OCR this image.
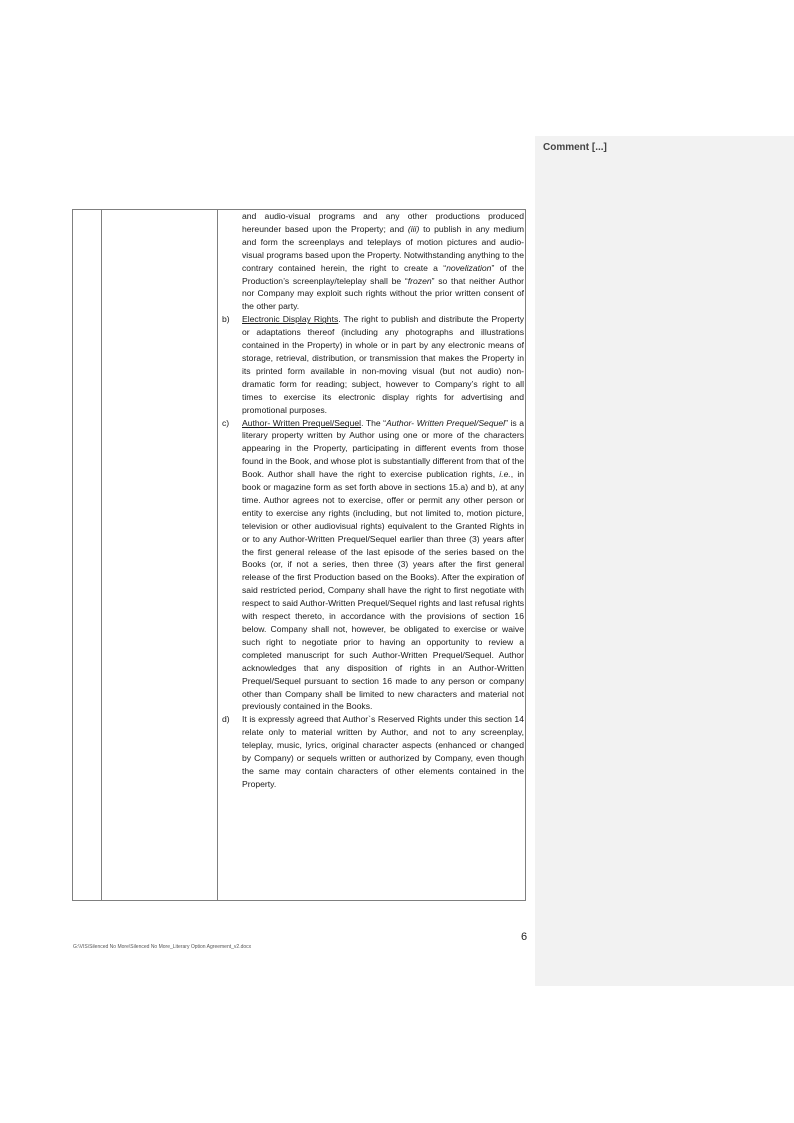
Comment [...]

and audio-visual programs and any other productions produced hereunder based upon the Property; and (iii) to publish in any medium and form the screenplays and teleplays of motion pictures and audio-visual programs based upon the Property. Notwithstanding anything to the contrary contained herein, the right to create a “novelization” of the Production’s screenplay/teleplay shall be “frozen” so that neither Author nor Company may exploit such rights without the prior written consent of the other party.

b)	Electronic Display Rights. The right to publish and distribute the Property or adaptations thereof (including any photographs and illustrations contained in the Property) in whole or in part by any electronic means of storage, retrieval, distribution, or transmission that makes the Property in its printed form available in non-moving visual (but not audio) non-dramatic form for reading; subject, however to Company’s right to all times to exercise its electronic display rights for advertising and promotional purposes.

c)	Author- Written Prequel/Sequel. The “Author- Written Prequel/Sequel” is a literary property written by Author using one or more of the characters appearing in the Property, participating in different events from those found in the Book, and whose plot is substantially different from that of the Book. Author shall have the right to exercise publication rights, i.e., in book or magazine form as set forth above in sections 15.a) and b), at any time. Author agrees not to exercise, offer or permit any other person or entity to exercise any rights (including, but not limited to, motion picture, television or other audiovisual rights) equivalent to the Granted Rights in or to any Author-Written Prequel/Sequel earlier than three (3) years after the first general release of the last episode of the series based on the Books (or, if not a series, then three (3) years after the first general release of the first Production based on the Books). After the expiration of said restricted period, Company shall have the right to first negotiate with respect to said Author-Written Prequel/Sequel rights and last refusal rights with respect thereto, in accordance with the provisions of section 16 below. Company shall not, however, be obligated to exercise or waive such right to negotiate prior to having an opportunity to review a completed manuscript for such Author-Written Prequel/Sequel. Author acknowledges that any disposition of rights in an Author-Written Prequel/Sequel pursuant to section 16 made to any person or company other than Company shall be limited to new characters and material not previously contained in the Books.

d)	It is expressly agreed that Author`s Reserved Rights under this section 14 relate only to material written by Author, and not to any screenplay, teleplay, music, lyrics, original character aspects (enhanced or changed by Company) or sequels written or authorized by Company, even though the same may contain characters of other elements contained in the Property.

6
G:\VIS\Silenced No More\Silenced No More_Literary Option Agreement_v2.docx
